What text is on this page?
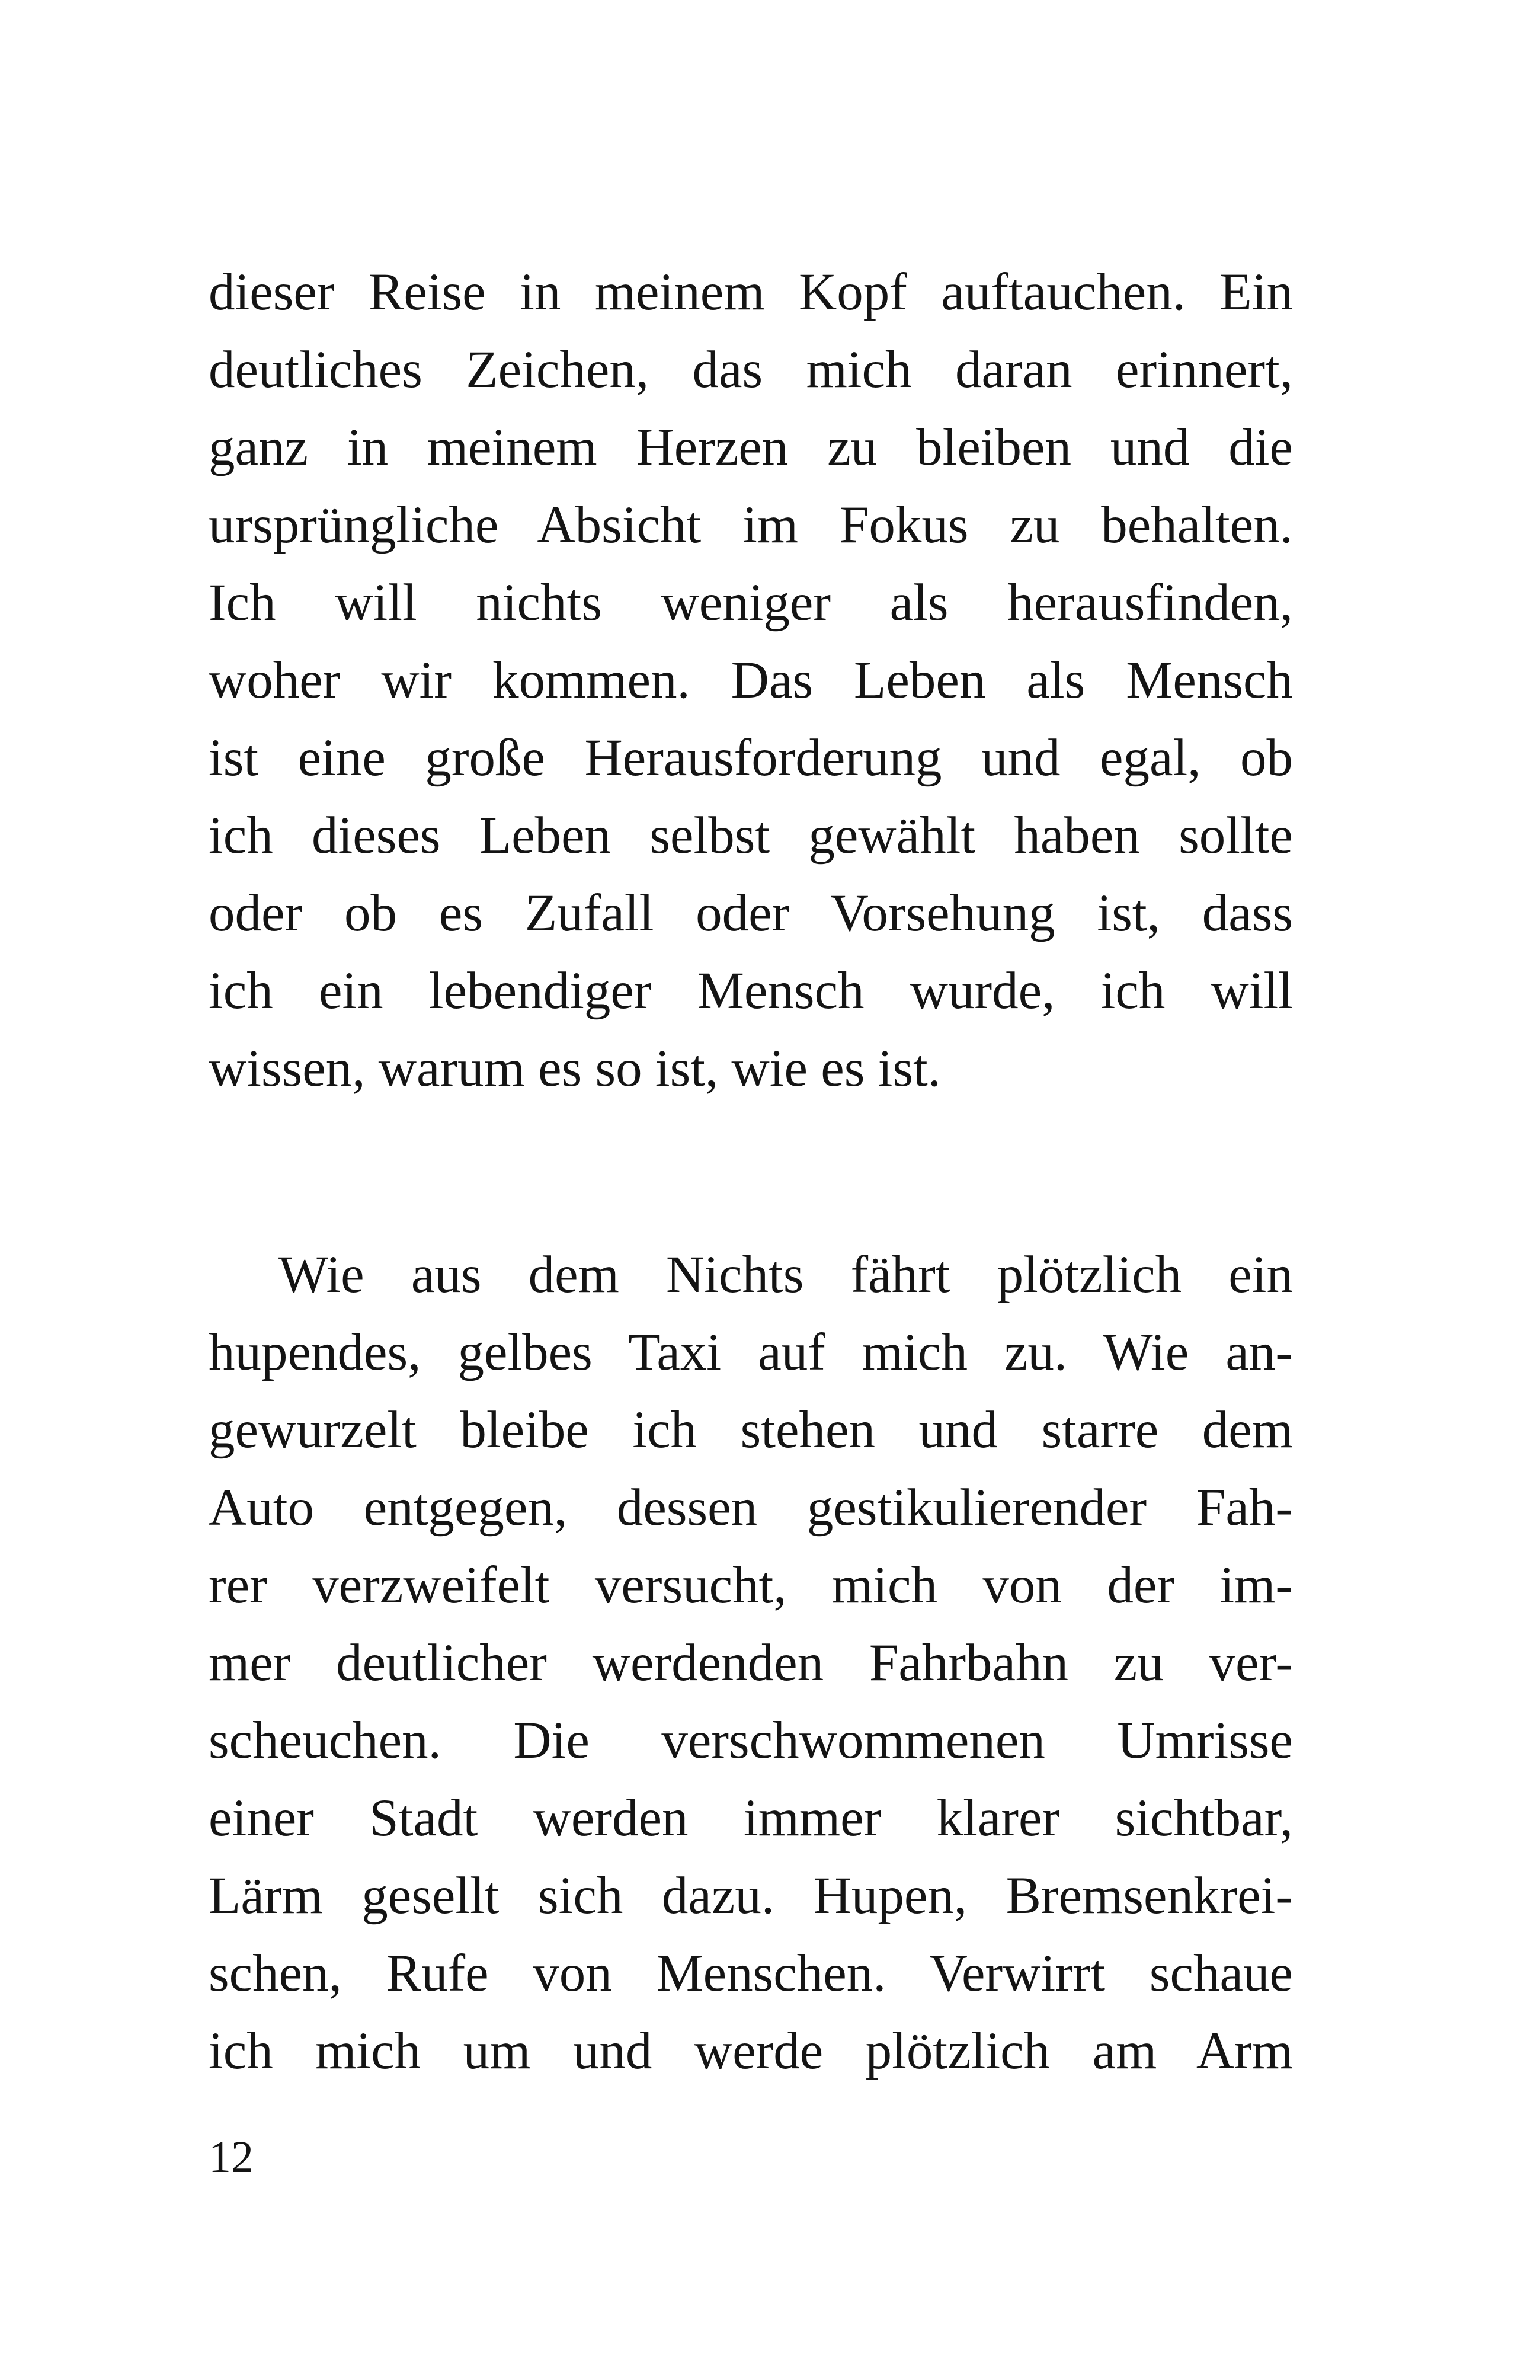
dieser Reise in meinem Kopf auftauchen. Ein
deutliches Zeichen, das mich daran erinnert,
ganz in meinem Herzen zu bleiben und die
ursprüngliche Absicht im Fokus zu behalten.
Ich will nichts weniger als herausfinden,
woher wir kommen. Das Leben als Mensch
ist eine große Herausforderung und egal, ob
ich dieses Leben selbst gewählt haben sollte
oder ob es Zufall oder Vorsehung ist, dass
ich ein lebendiger Mensch wurde, ich will
wissen, warum es so ist, wie es ist.
Wie aus dem Nichts fährt plötzlich ein
hupendes, gelbes Taxi auf mich zu. Wie an-
gewurzelt bleibe ich stehen und starre dem
Auto entgegen, dessen gestikulierender Fah-
rer verzweifelt versucht, mich von der im-
mer deutlicher werdenden Fahrbahn zu ver-
scheuchen. Die verschwommenen Umrisse
einer Stadt werden immer klarer sichtbar,
Lärm gesellt sich dazu. Hupen, Bremsenkrei-
schen, Rufe von Menschen. Verwirrt schaue
ich mich um und werde plötzlich am Arm
12
